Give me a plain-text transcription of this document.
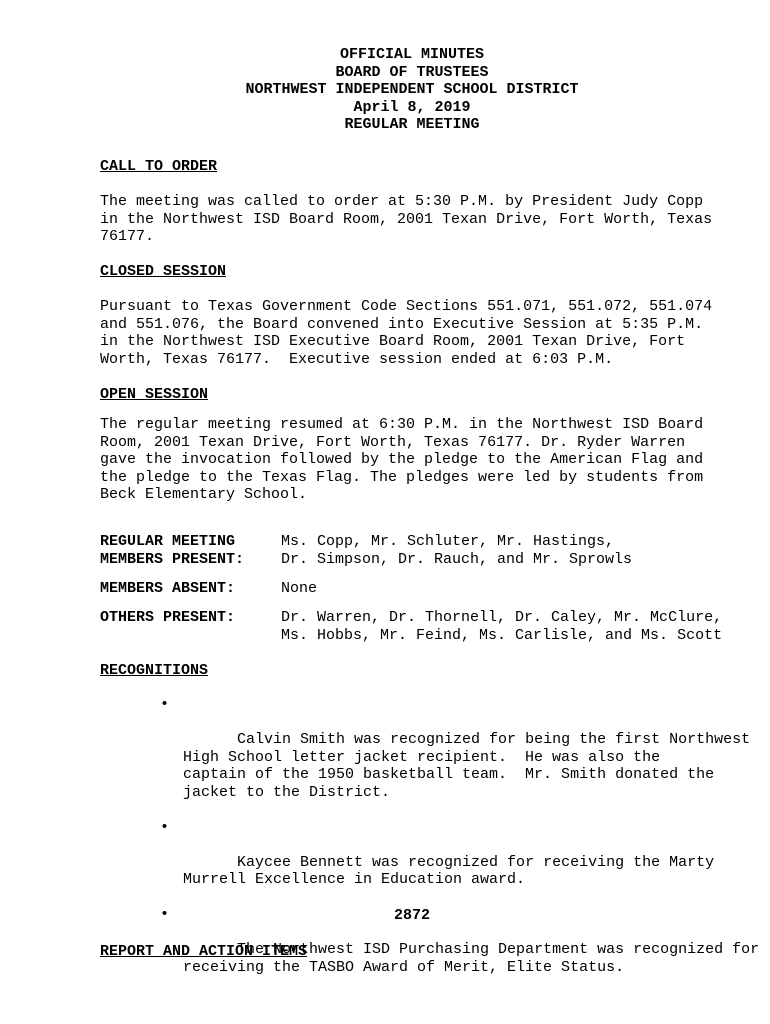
OFFICIAL MINUTES
BOARD OF TRUSTEES
NORTHWEST INDEPENDENT SCHOOL DISTRICT
April 8, 2019
REGULAR MEETING
CALL TO ORDER
The meeting was called to order at 5:30 P.M. by President Judy Copp
in the Northwest ISD Board Room, 2001 Texan Drive, Fort Worth, Texas
76177.
CLOSED SESSION
Pursuant to Texas Government Code Sections 551.071, 551.072, 551.074
and 551.076, the Board convened into Executive Session at 5:35 P.M.
in the Northwest ISD Executive Board Room, 2001 Texan Drive, Fort
Worth, Texas 76177.  Executive session ended at 6:03 P.M.
OPEN SESSION
The regular meeting resumed at 6:30 P.M. in the Northwest ISD Board
Room, 2001 Texan Drive, Fort Worth, Texas 76177. Dr. Ryder Warren
gave the invocation followed by the pledge to the American Flag and
the pledge to the Texas Flag. The pledges were led by students from
Beck Elementary School.
REGULAR MEETING
MEMBERS PRESENT:
Ms. Copp, Mr. Schluter, Mr. Hastings,
Dr. Simpson, Dr. Rauch, and Mr. Sprowls
MEMBERS ABSENT:	None
OTHERS PRESENT:	Dr. Warren, Dr. Thornell, Dr. Caley, Mr. McClure,
Ms. Hobbs, Mr. Feind, Ms. Carlisle, and Ms. Scott
RECOGNITIONS

•

Calvin Smith was recognized for being the first Northwest
High School letter jacket recipient.  He was also the
captain of the 1950 basketball team.  Mr. Smith donated the
jacket to the District.

•

Kaycee Bennett was recognized for receiving the Marty
Murrell Excellence in Education award.

•

The Northwest ISD Purchasing Department was recognized for
receiving the TASBO Award of Merit, Elite Status.

2872
REPORT AND ACTION ITEMS
